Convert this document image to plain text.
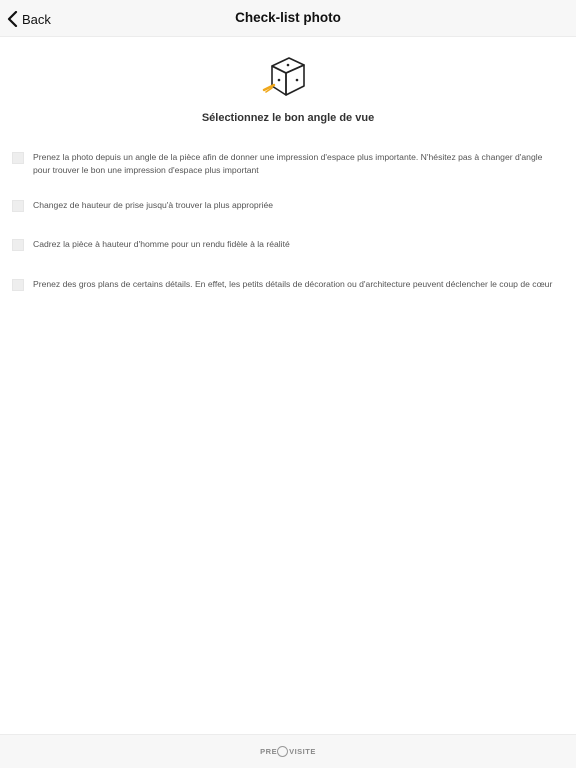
Back	Check-list photo
Sélectionnez le bon angle de vue
Prenez la photo depuis un angle de la pièce afin de donner une impression d'espace plus importante. N'hésitez pas à changer d'angle pour trouver le bon une impression d'espace plus important
Changez de hauteur de prise jusqu'à trouver la plus appropriée
Cadrez la pièce à hauteur d'homme pour un rendu fidèle à la réalité
Prenez des gros plans de certains détails. En effet, les petits détails de décoration ou d'architecture peuvent déclencher le coup de cœur
PRE VISITE
